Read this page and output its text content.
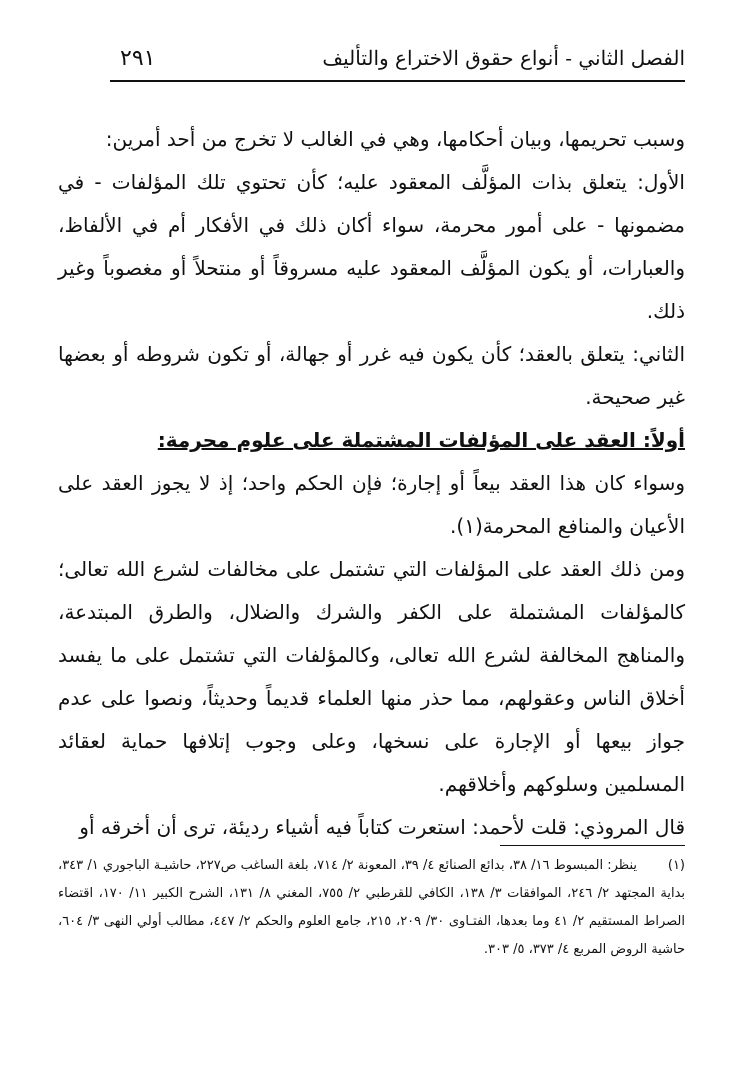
٢٩١	الفصل الثاني - أنواع حقوق الاختراع والتأليف

وسبب تحريمها، وبيان أحكامها، وهي في الغالب لا تخرج من أحد أمرين:

الأول: يتعلق بذات المؤلَّف المعقود عليه؛ كأن تحتوي تلك المؤلفات - في مضمونها - على أمور محرمة، سواء أكان ذلك في الأفكار أم في الألفاظ، والعبارات، أو يكون المؤلَّف المعقود عليه مسروقاً أو منتحلاً أو مغصوباً وغير ذلك.

الثاني: يتعلق بالعقد؛ كأن يكون فيه غرر أو جهالة، أو تكون شروطه أو بعضها غير صحيحة.

أولاً: العقد على المؤلفات المشتملة على علوم محرمة:

وسواء كان هذا العقد بيعاً أو إجارة؛ فإن الحكم واحد؛ إذ لا يجوز العقد على الأعيان والمنافع المحرمة(١).

ومن ذلك العقد على المؤلفات التي تشتمل على مخالفات لشرع الله تعالى؛ كالمؤلفات المشتملة على الكفر والشرك والضلال، والطرق المبتدعة، والمناهج المخالفة لشرع الله تعالى، وكالمؤلفات التي تشتمل على ما يفسد أخلاق الناس وعقولهم، مما حذر منها العلماء قديماً وحديثاً، ونصوا على عدم جواز بيعها أو الإجارة على نسخها، وعلى وجوب إتلافها حماية لعقائد المسلمين وسلوكهم وأخلاقهم.

قال المروذي: قلت لأحمد: استعرت كتاباً فيه أشياء رديئة، ترى أن أخرقه أو

(١)
ينظر: المبسوط ١٦/ ٣٨، بدائع الصنائع ٤/ ٣٩، المعونة ٢/ ٧١٤، بلغة الساغب ص٢٢٧، حاشيـة الباجوري ١/ ٣٤٣، بداية المجتهد ٢/ ٢٤٦، الموافقات ٣/ ١٣٨، الكافي للقرطبي ٢/ ٧٥٥، المغني ٨/ ١٣١، الشرح الكبير ١١/ ١٧٠، اقتضاء الصراط المستقيم ٢/ ٤١ وما بعدها، الفتـاوى ٣٠/ ٢٠٩، ٢١٥، جامع العلوم والحكم ٢/ ٤٤٧، مطالب أولي النهى ٣/ ٦٠٤، حاشية الروض المربع ٤/ ٣٧٣، ٥/ ٣٠٣.
